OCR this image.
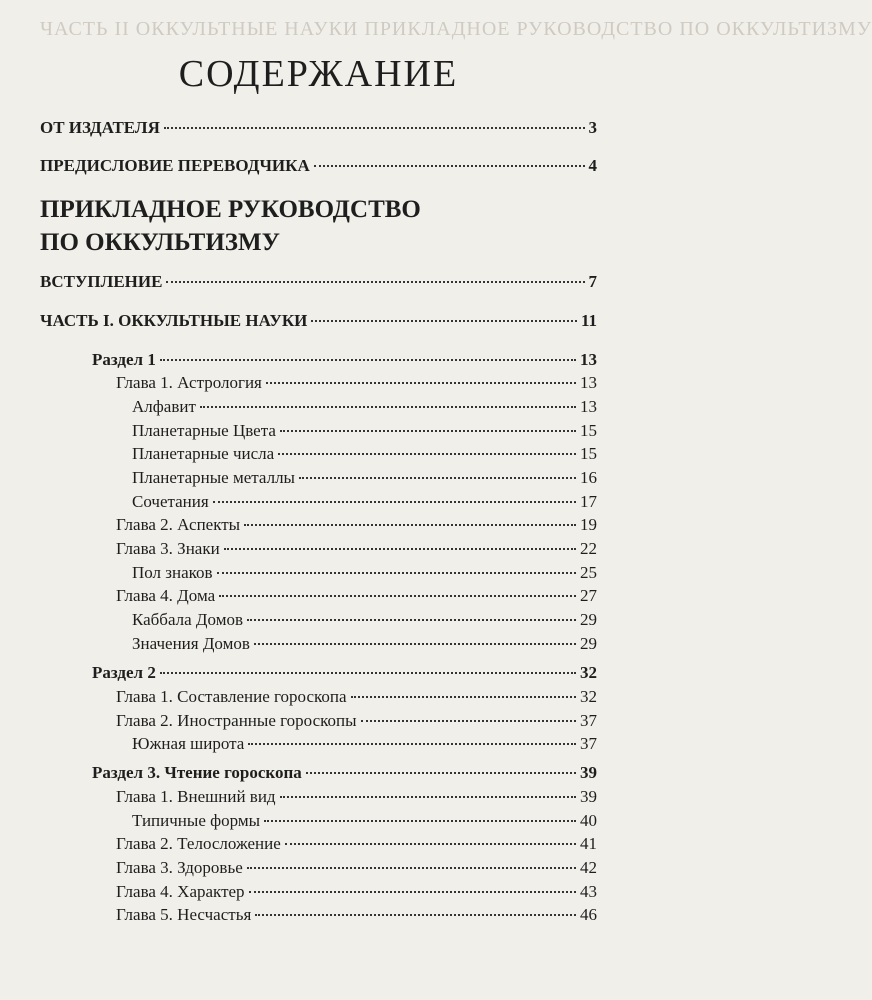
ЧАСТЬ II ОККУЛЬТНЫЕ НАУКИ ПРИКЛАДНОЕ РУКОВОДСТВО ПО ОККУЛЬТИЗМУ
СОДЕРЖАНИЕ
ОТ ИЗДАТЕЛЯ	3
ПРЕДИСЛОВИЕ ПЕРЕВОДЧИКА	4
ПРИКЛАДНОЕ РУКОВОДСТВО
ПО ОККУЛЬТИЗМУ
ВСТУПЛЕНИЕ	7
ЧАСТЬ I. ОККУЛЬТНЫЕ НАУКИ	11
Раздел 1	13
Глава 1. Астрология	13
Алфавит	13
Планетарные Цвета	15
Планетарные числа	15
Планетарные металлы	16
Сочетания	17
Глава 2. Аспекты	19
Глава 3. Знаки	22
Пол знаков	25
Глава 4. Дома	27
Каббала Домов	29
Значения Домов	29
Раздел 2	32
Глава 1. Составление гороскопа	32
Глава 2. Иностранные гороскопы	37
Южная широта	37
Раздел 3. Чтение гороскопа	39
Глава 1. Внешний вид	39
Типичные формы	40
Глава 2. Телосложение	41
Глава 3. Здоровье	42
Глава 4. Характер	43
Глава 5. Несчастья	46
